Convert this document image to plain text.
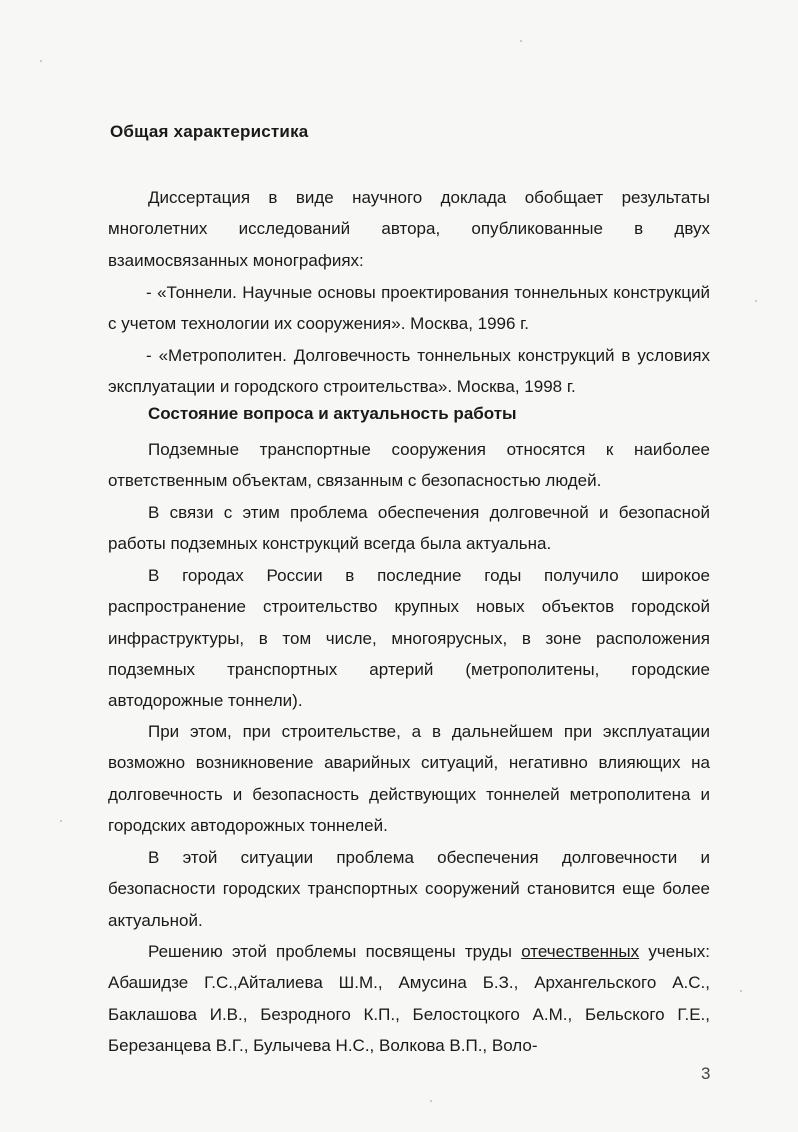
Общая характеристика

Диссертация в виде научного доклада обобщает результаты многолетних исследований автора, опубликованные в двух взаимосвязанных монографиях:

- «Тоннели. Научные основы проектирования тоннельных конструкций с учетом технологии их сооружения». Москва, 1996 г.

- «Метрополитен. Долговечность тоннельных конструкций в условиях эксплуатации и городского строительства». Москва, 1998 г.

Состояние вопроса и актуальность работы

Подземные транспортные сооружения относятся к наиболее ответственным объектам, связанным с безопасностью людей.

В связи с этим проблема обеспечения долговечной и безопасной работы подземных конструкций всегда была актуальна.

В городах России в последние годы получило широкое распространение строительство крупных новых объектов городской инфраструктуры, в том числе, многоярусных, в зоне расположения подземных транспортных артерий (метрополитены, городские автодорожные тоннели).

При этом, при строительстве, а в дальнейшем при эксплуатации возможно возникновение аварийных ситуаций, негативно влияющих на долговечность и безопасность действующих тоннелей метрополитена и городских автодорожных тоннелей.

В этой ситуации проблема обеспечения долговечности и безопасности городских транспортных сооружений становится еще более актуальной.

Решению этой проблемы посвящены труды отечественных ученых: Абашидзе Г.С.,Айталиева Ш.М., Амусина Б.З., Архангельского А.С., Баклашова И.В., Безродного К.П., Белостоцкого А.М., Бельского Г.Е., Березанцева В.Г., Булычева Н.С., Волкова В.П., Воло-

3
